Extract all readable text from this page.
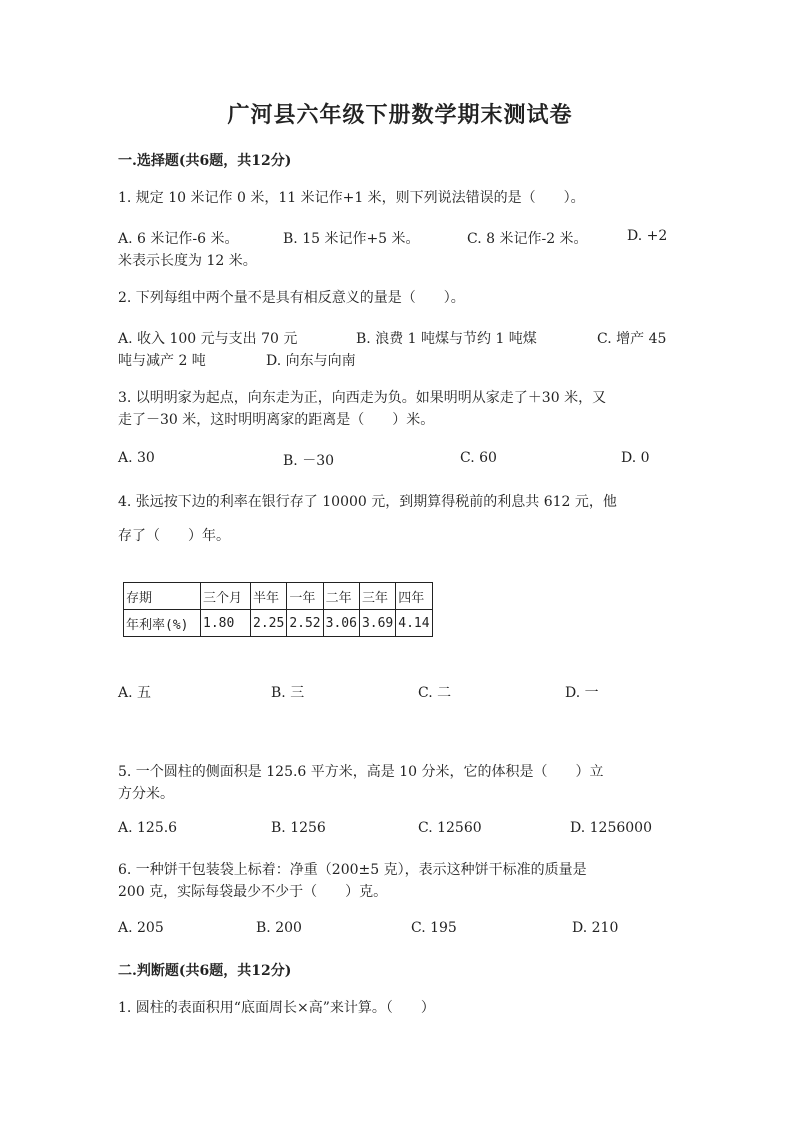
广河县六年级下册数学期末测试卷
一.选择题(共6题，共12分)
1. 规定 10 米记作 0 米，11 米记作+1 米，则下列说法错误的是（　　）。
A. 6 米记作-6 米。	B. 15 米记作+5 米。	C. 8 米记作-2 米。	D. +2
米表示长度为 12 米。
2. 下列每组中两个量不是具有相反意义的量是（　　）。
A. 收入 100 元与支出 70 元	B. 浪费 1 吨煤与节约 1 吨煤	C. 增产 45
吨与减产 2 吨	D. 向东与向南
3. 以明明家为起点，向东走为正，向西走为负。如果明明从家走了＋30 米，又
走了－30 米，这时明明离家的距离是（　　）米。
A. 30	B. －30	C. 60	D. 0
4. 张远按下边的利率在银行存了 10000 元，到期算得税前的利息共 612 元，他
存了（　　）年。
存期	三个月	半年	一年	二年	三年	四年
年利率(%)	1.80	2.25	2.52	3.06	3.69	4.14
A. 五	B. 三	C. 二	D. 一
5. 一个圆柱的侧面积是 125.6 平方米，高是 10 分米，它的体积是（　　）立
方分米。
A. 125.6	B. 1256	C. 12560	D. 1256000
6. 一种饼干包装袋上标着：净重（200±5 克），表示这种饼干标准的质量是
200 克，实际每袋最少不少于（　　）克。
A. 205	B. 200	C. 195	D. 210
二.判断题(共6题，共12分)
1. 圆柱的表面积用“底面周长×高”来计算。（　　）
